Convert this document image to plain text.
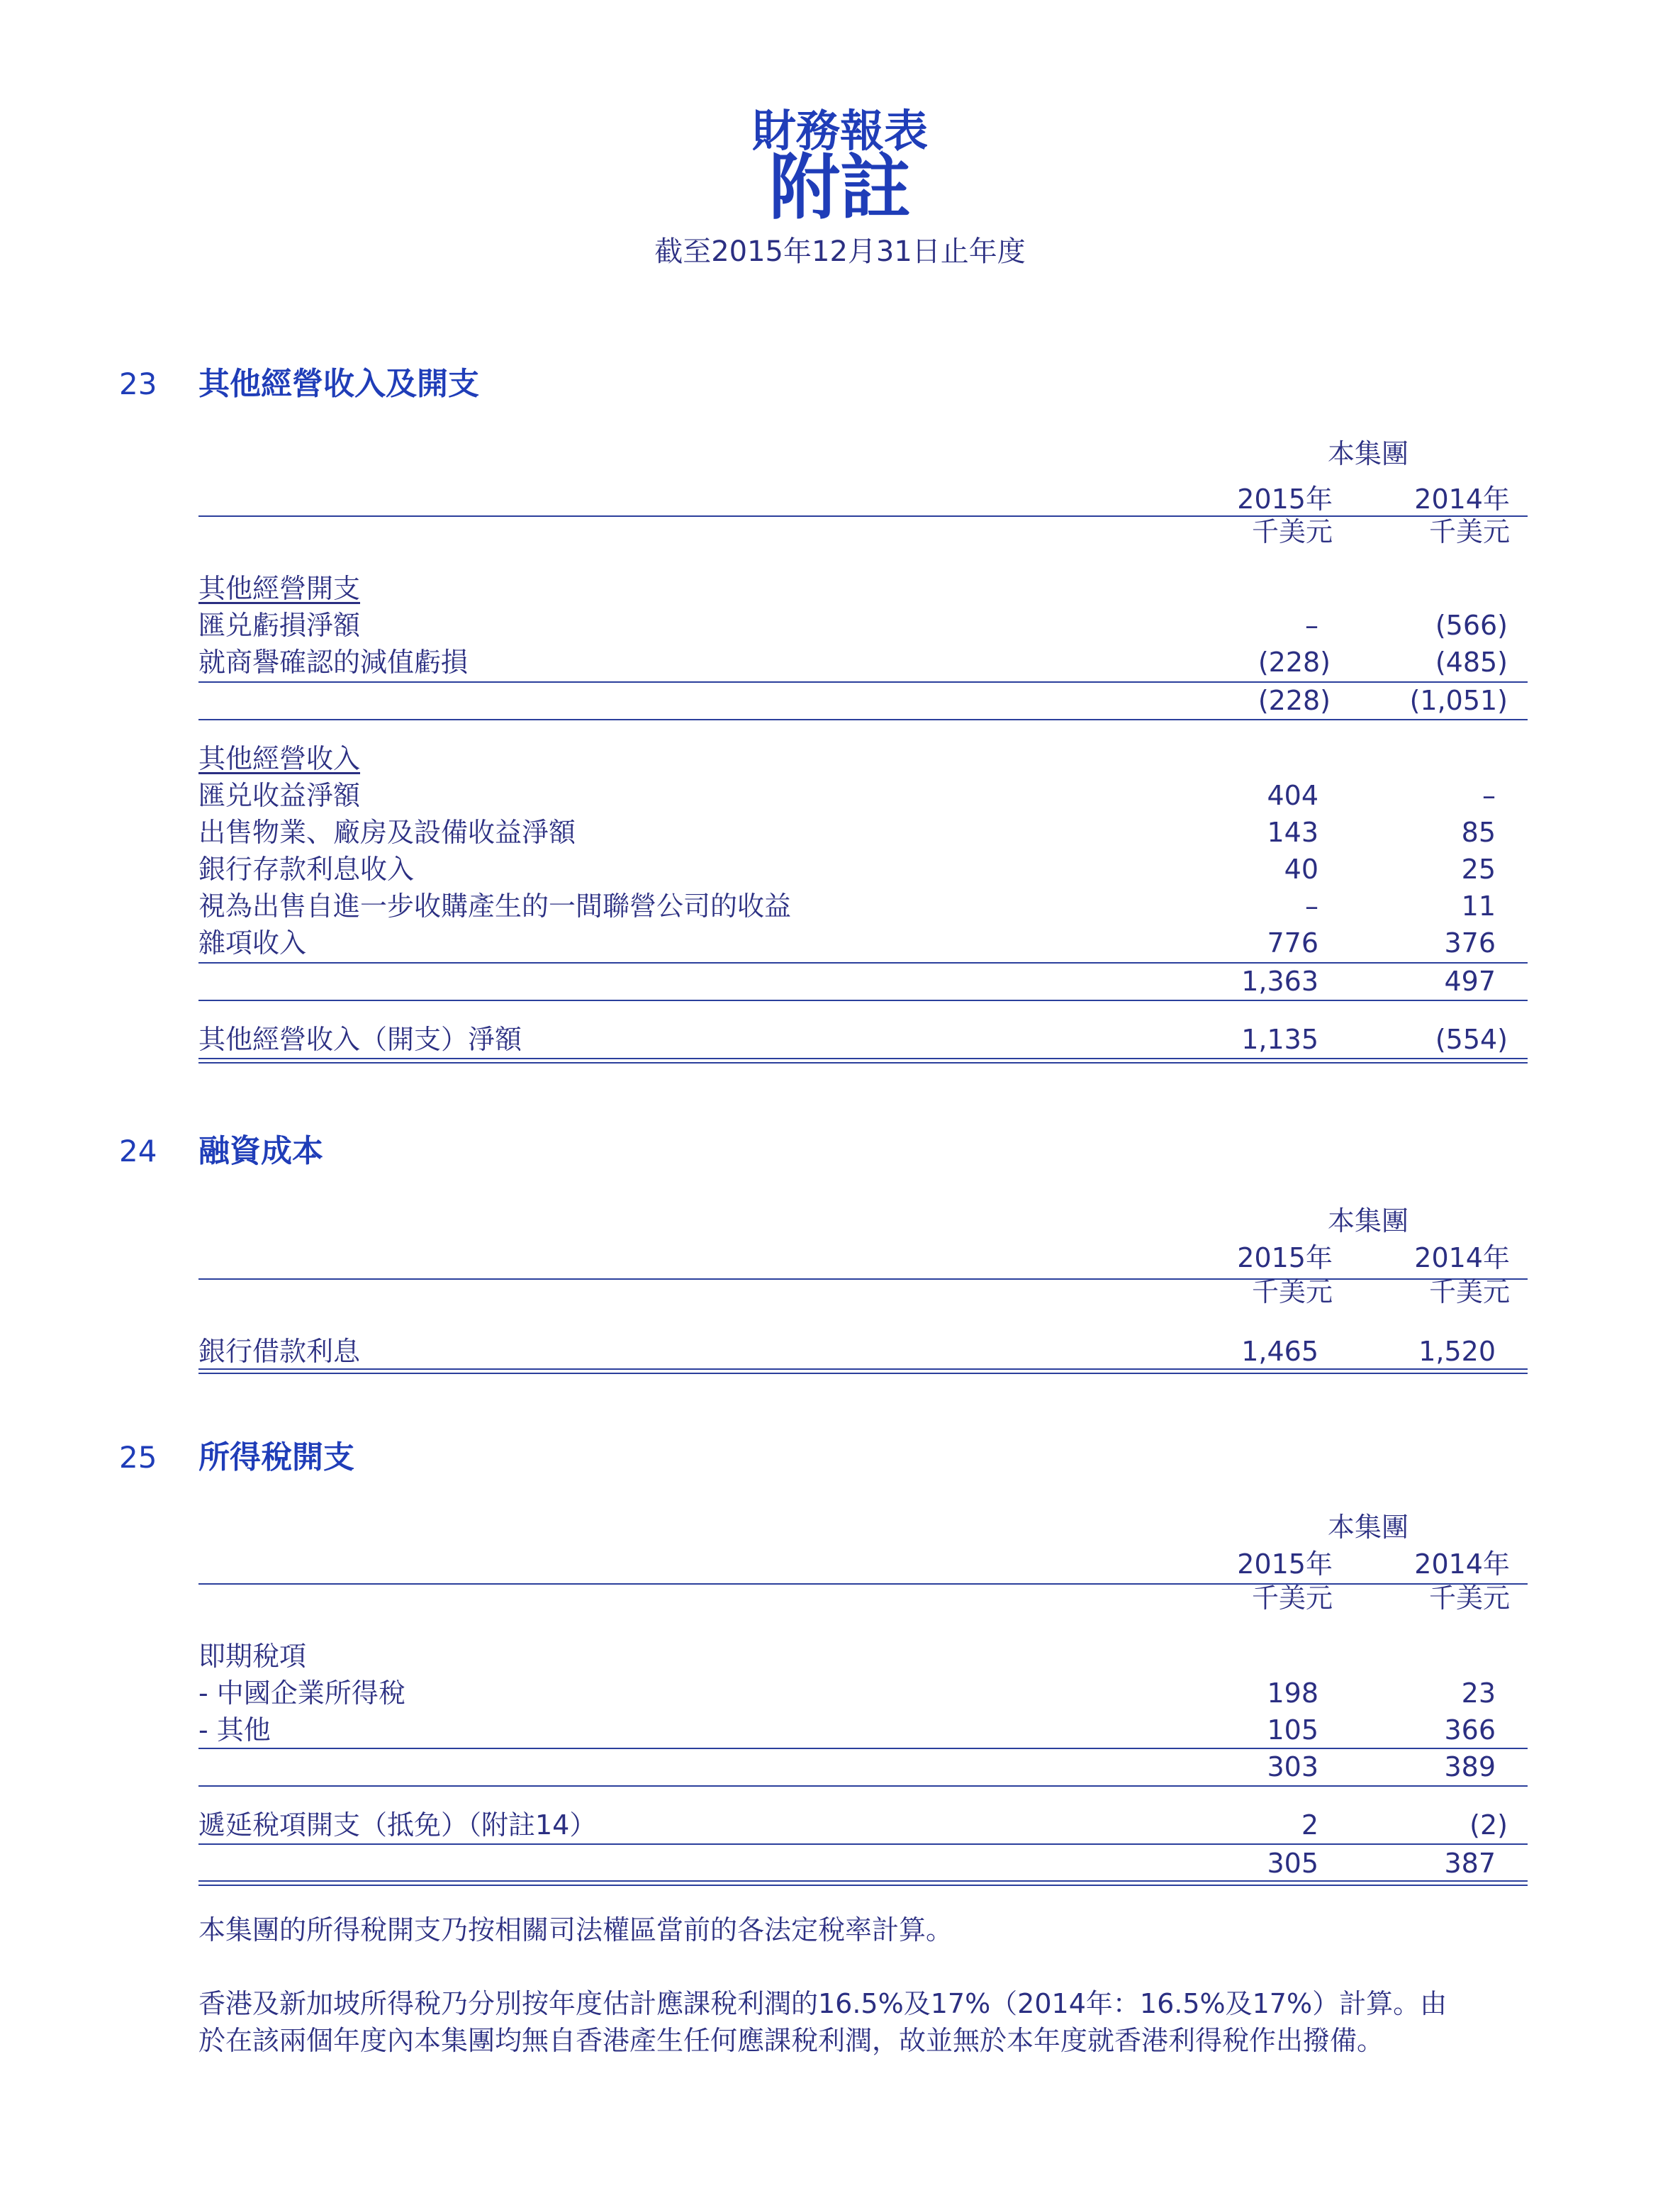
財務報表
附註
截至2015年12月31日止年度
23 其他經營收入及開支
本集團
2015年	2014年
千美元	千美元
其他經營開支
匯兑虧損淨額	–	(566)
就商譽確認的減值虧損	(228)	(485)
(228)	(1,051)
其他經營收入
匯兑收益淨額	404	–
出售物業、廠房及設備收益淨額	143	85
銀行存款利息收入	40	25
視為出售自進一步收購產生的一間聯營公司的收益	–	11
雜項收入	776	376
1,363	497
其他經營收入（開支）淨額	1,135	(554)
24 融資成本
本集團
2015年	2014年
千美元	千美元
銀行借款利息	1,465	1,520
25 所得稅開支
本集團
2015年	2014年
千美元	千美元
即期稅項
- 中國企業所得稅	198	23
- 其他	105	366
303	389
遞延稅項開支（抵免）（附註14）	2	(2)
305	387
本集團的所得稅開支乃按相關司法權區當前的各法定稅率計算。
香港及新加坡所得稅乃分別按年度估計應課稅利潤的16.5%及17%（2014年：16.5%及17%）計算。由
於在該兩個年度內本集團均無自香港產生任何應課稅利潤，故並無於本年度就香港利得稅作出撥備。
